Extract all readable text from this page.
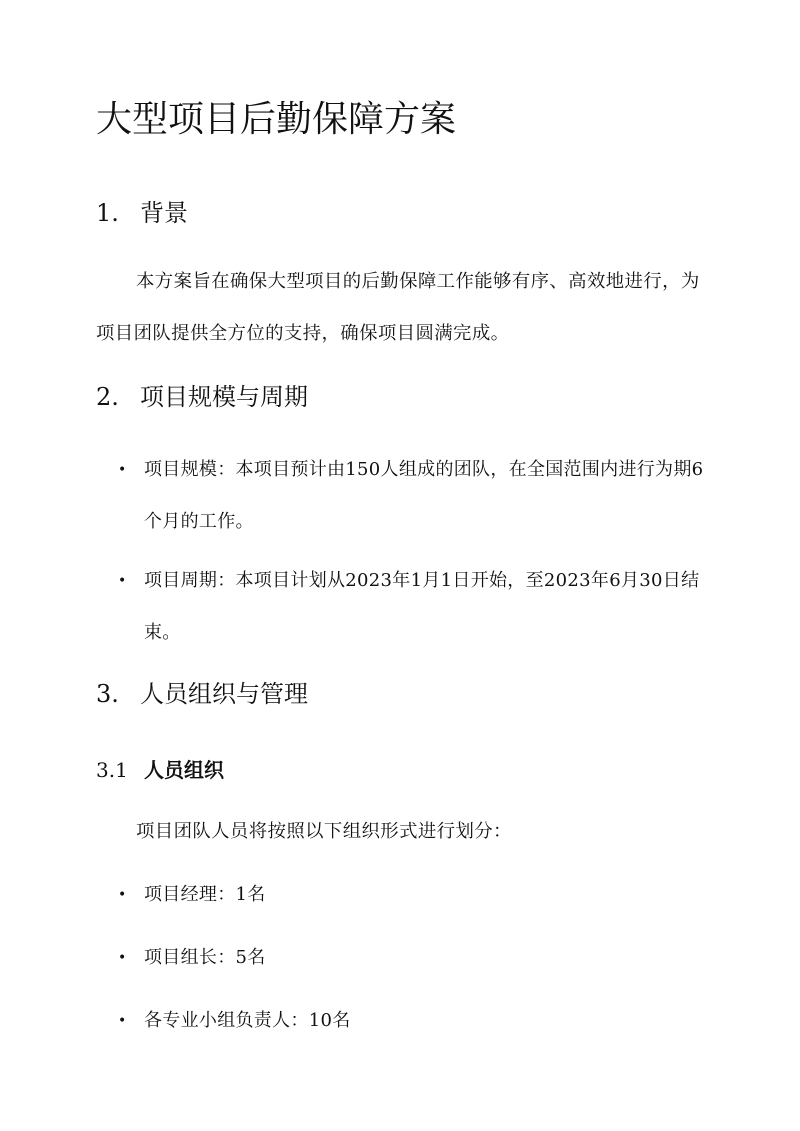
大型项目后勤保障方案
1. 背景

本方案旨在确保大型项目的后勤保障工作能够有序、高效地进行，为项目团队提供全方位的支持，确保项目圆满完成。

2. 项目规模与周期
• 项目规模：本项目预计由150人组成的团队，在全国范围内进行为期6个月的工作。
• 项目周期：本项目计划从2023年1月1日开始，至2023年6月30日结束。
3. 人员组织与管理
3.1 人员组织

项目团队人员将按照以下组织形式进行划分：

• 项目经理：1名
• 项目组长：5名
• 各专业小组负责人：10名
